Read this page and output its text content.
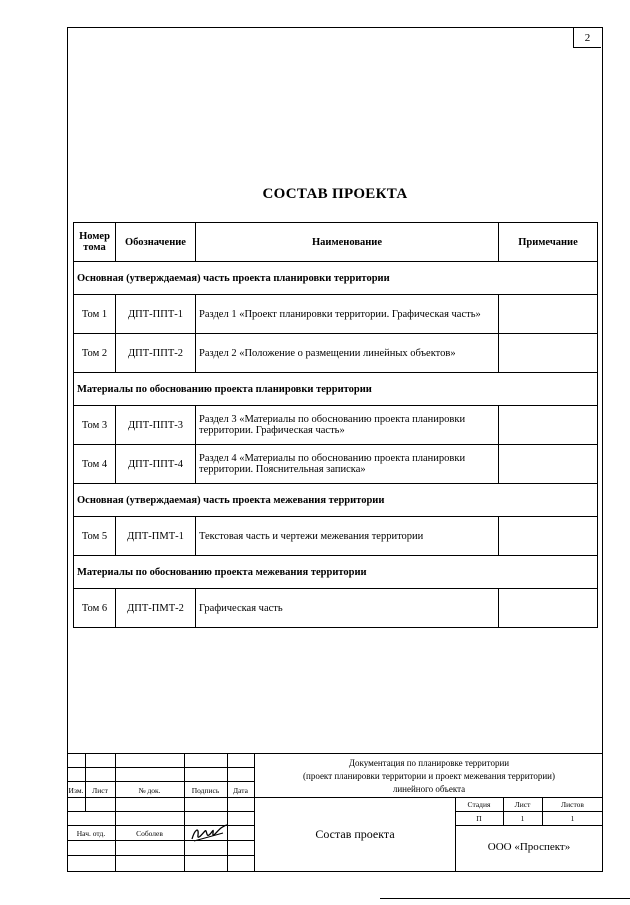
2
СОСТАВ ПРОЕКТА
Номер тома	Обозначение	Наименование	Примечание
Основная (утверждаемая) часть проекта планировки территории			
Том 1	ДПТ-ППТ-1	Раздел 1 «Проект планировки территории. Графическая часть»	
Том 2	ДПТ-ППТ-2	Раздел 2 «Положение о размещении линейных объектов»	
Материалы по обоснованию проекта планировки территории			
Том 3	ДПТ-ППТ-3	Раздел 3 «Материалы по обоснованию проекта планировки территории. Графическая часть»	
Том 4	ДПТ-ППТ-4	Раздел 4 «Материалы по обоснованию проекта планировки территории. Пояснительная записка»	
Основная (утверждаемая) часть проекта межевания территории			
Том 5	ДПТ-ПМТ-1	Текстовая часть и чертежи межевания территории	
Материалы по обоснованию проекта межевания территории			
Том 6	ДПТ-ПМТ-2	Графическая часть	
Документация по планировке территории
(проект планировки территории и проект межевания территории)
линейного объекта
Изм.	Лист	№ док.	Подпись	Дата
Стадия	Лист	Листов
П	1	1
Нач. отд.	Соболев	Состав проекта
ООО «Проспект»
